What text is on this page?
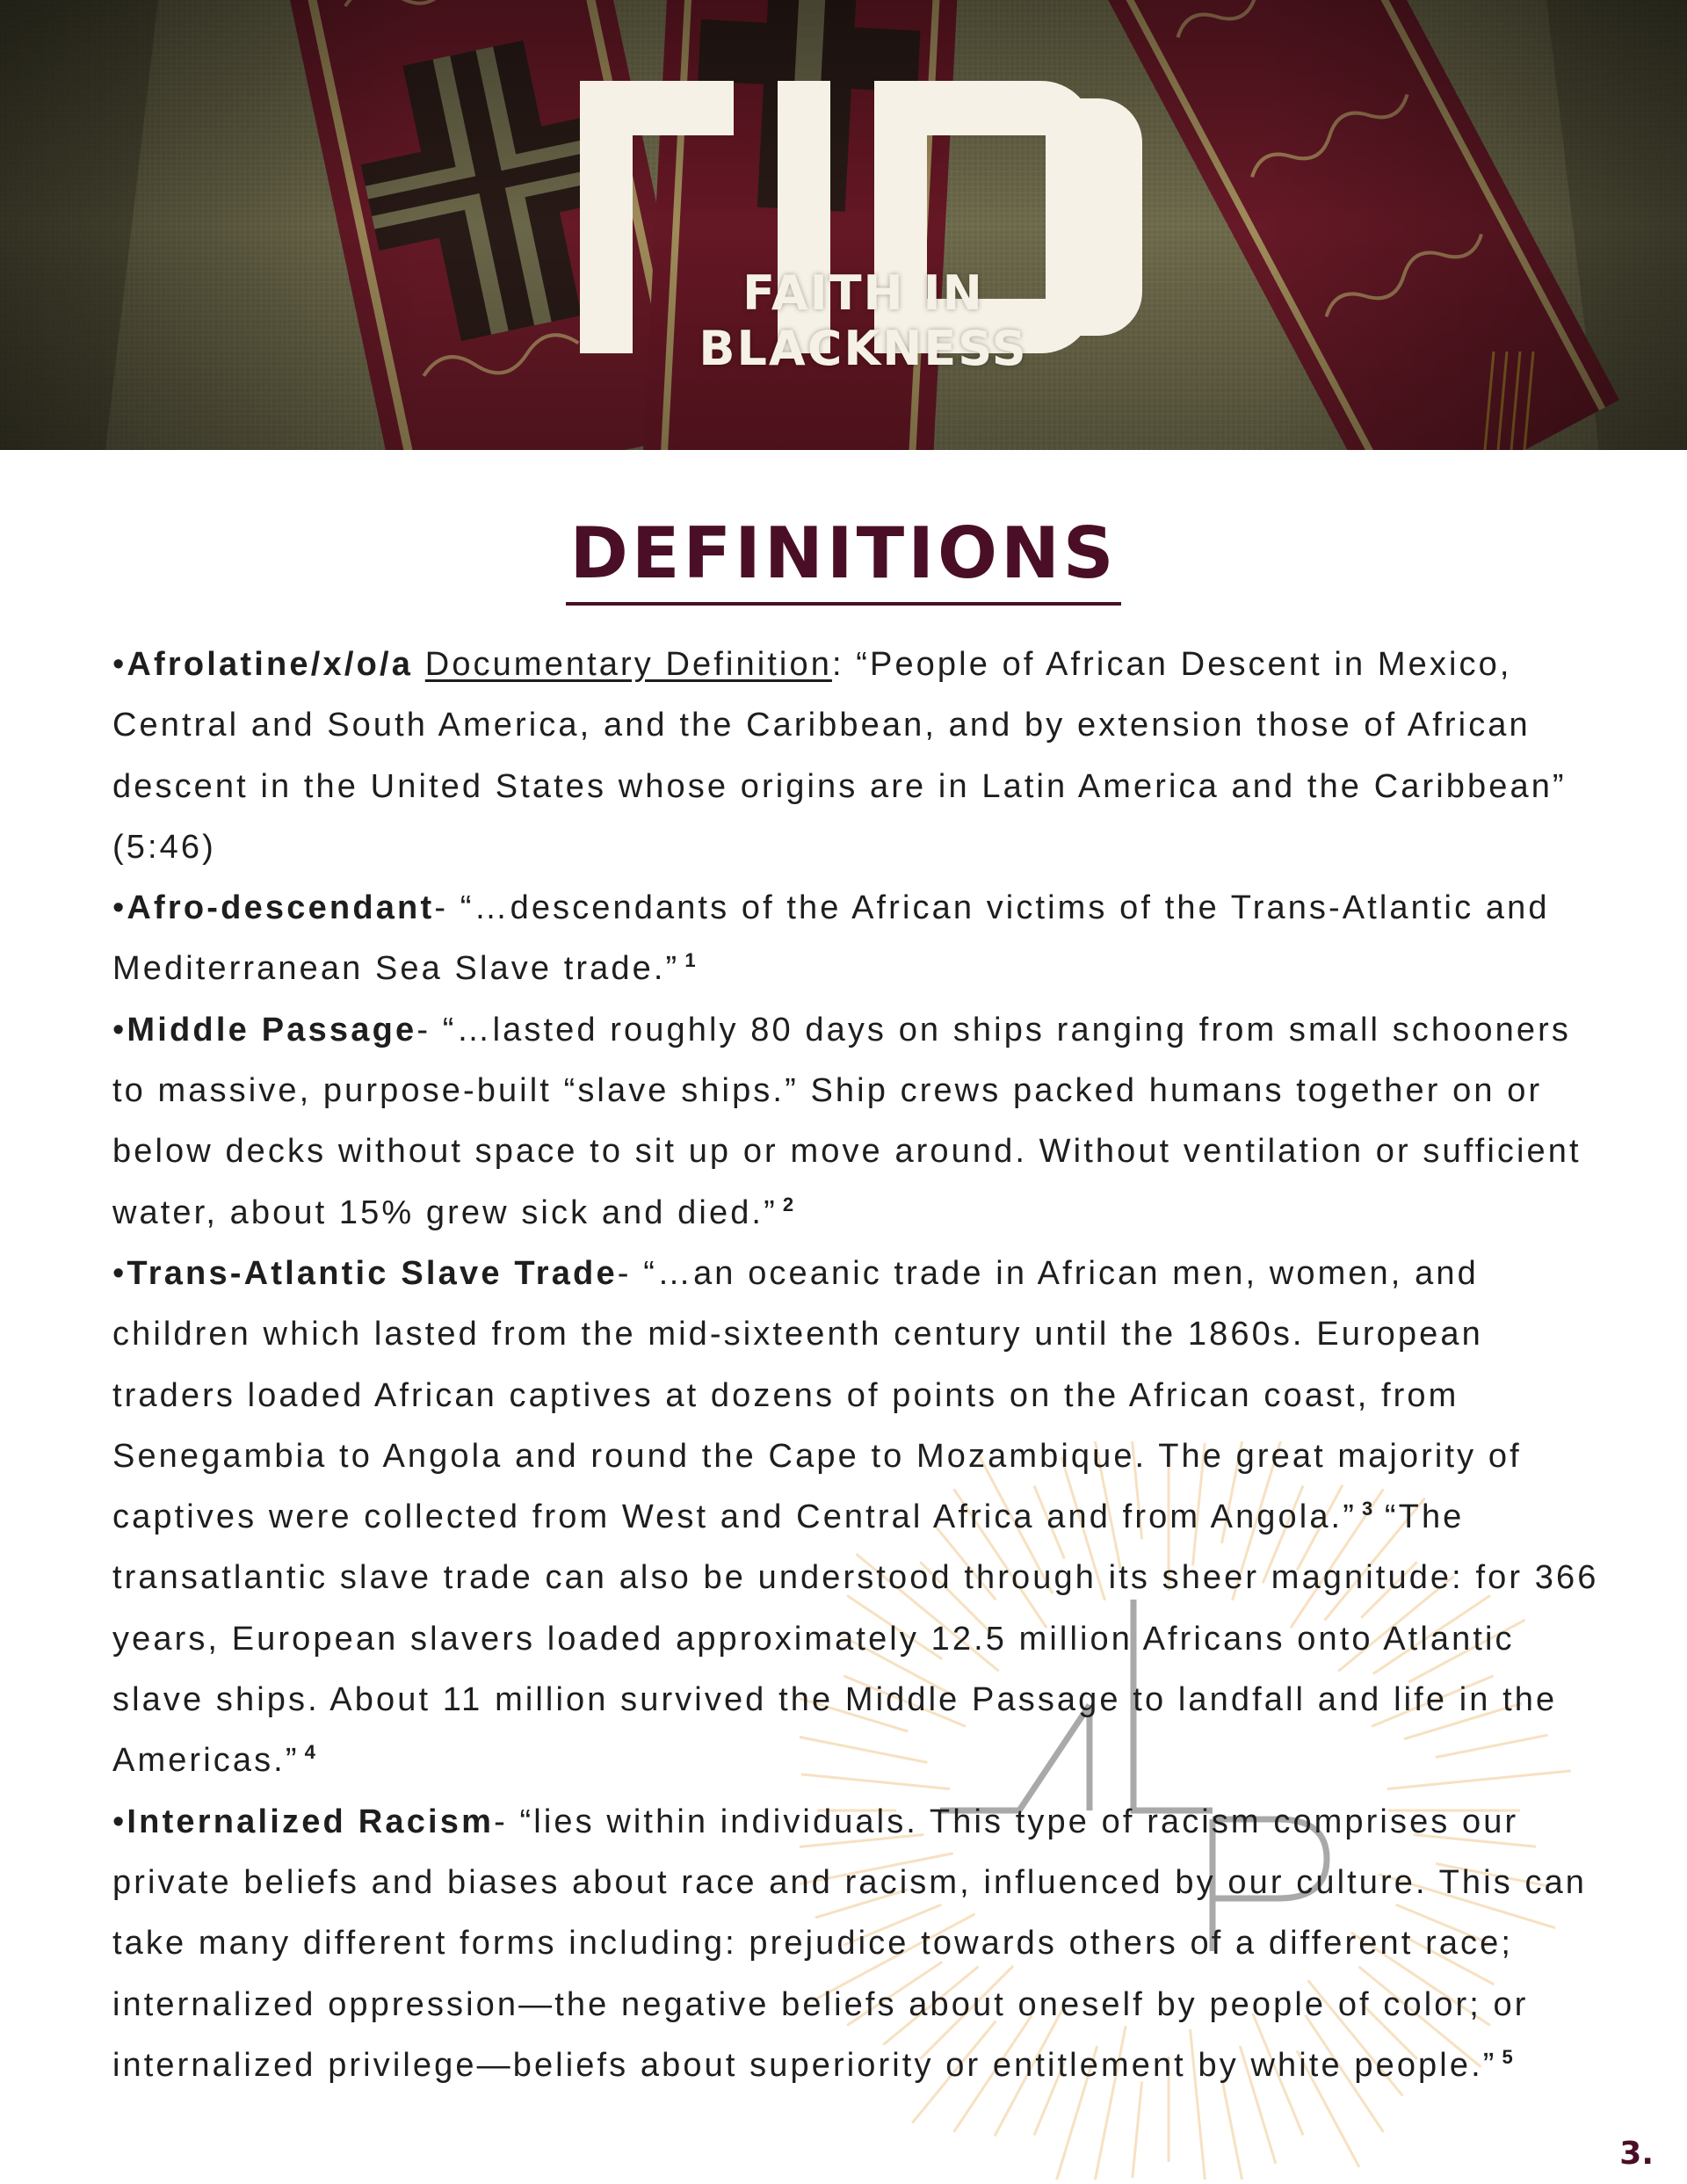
FAITH IN BLACKNESS
DEFINITIONS

•Afrolatine/x/o/a Documentary Definition: “People of African Descent in Mexico, Central and South America, and the Caribbean, and by extension those of African descent in the United States whose origins are in Latin America and the Caribbean” (5:46)

•Afro-descendant- “…descendants of the African victims of the Trans-Atlantic and Mediterranean Sea Slave trade.” $^1$

•Middle Passage- “…lasted roughly 80 days on ships ranging from small schooners to massive, purpose-built “slave ships.” Ship crews packed humans together on or below decks without space to sit up or move around. Without ventilation or sufficient water, about 15% grew sick and died.” $^2$

•Trans-Atlantic Slave Trade- “…an oceanic trade in African men, women, and children which lasted from the mid-sixteenth century until the 1860s. European traders loaded African captives at dozens of points on the African coast, from Senegambia to Angola and round the Cape to Mozambique. The great majority of captives were collected from West and Central Africa and from Angola.” $^3$ “The transatlantic slave trade can also be understood through its sheer magnitude: for 366 years, European slavers loaded approximately 12.5 million Africans onto Atlantic slave ships. About 11 million survived the Middle Passage to landfall and life in the Americas.” $^4$

•Internalized Racism- “lies within individuals. This type of racism comprises our private beliefs and biases about race and racism, influenced by our culture. This can take many different forms including: prejudice towards others of a different race; internalized oppression—the negative beliefs about oneself by people of color; or internalized privilege—beliefs about superiority or entitlement by white people.” $^5$

3.
